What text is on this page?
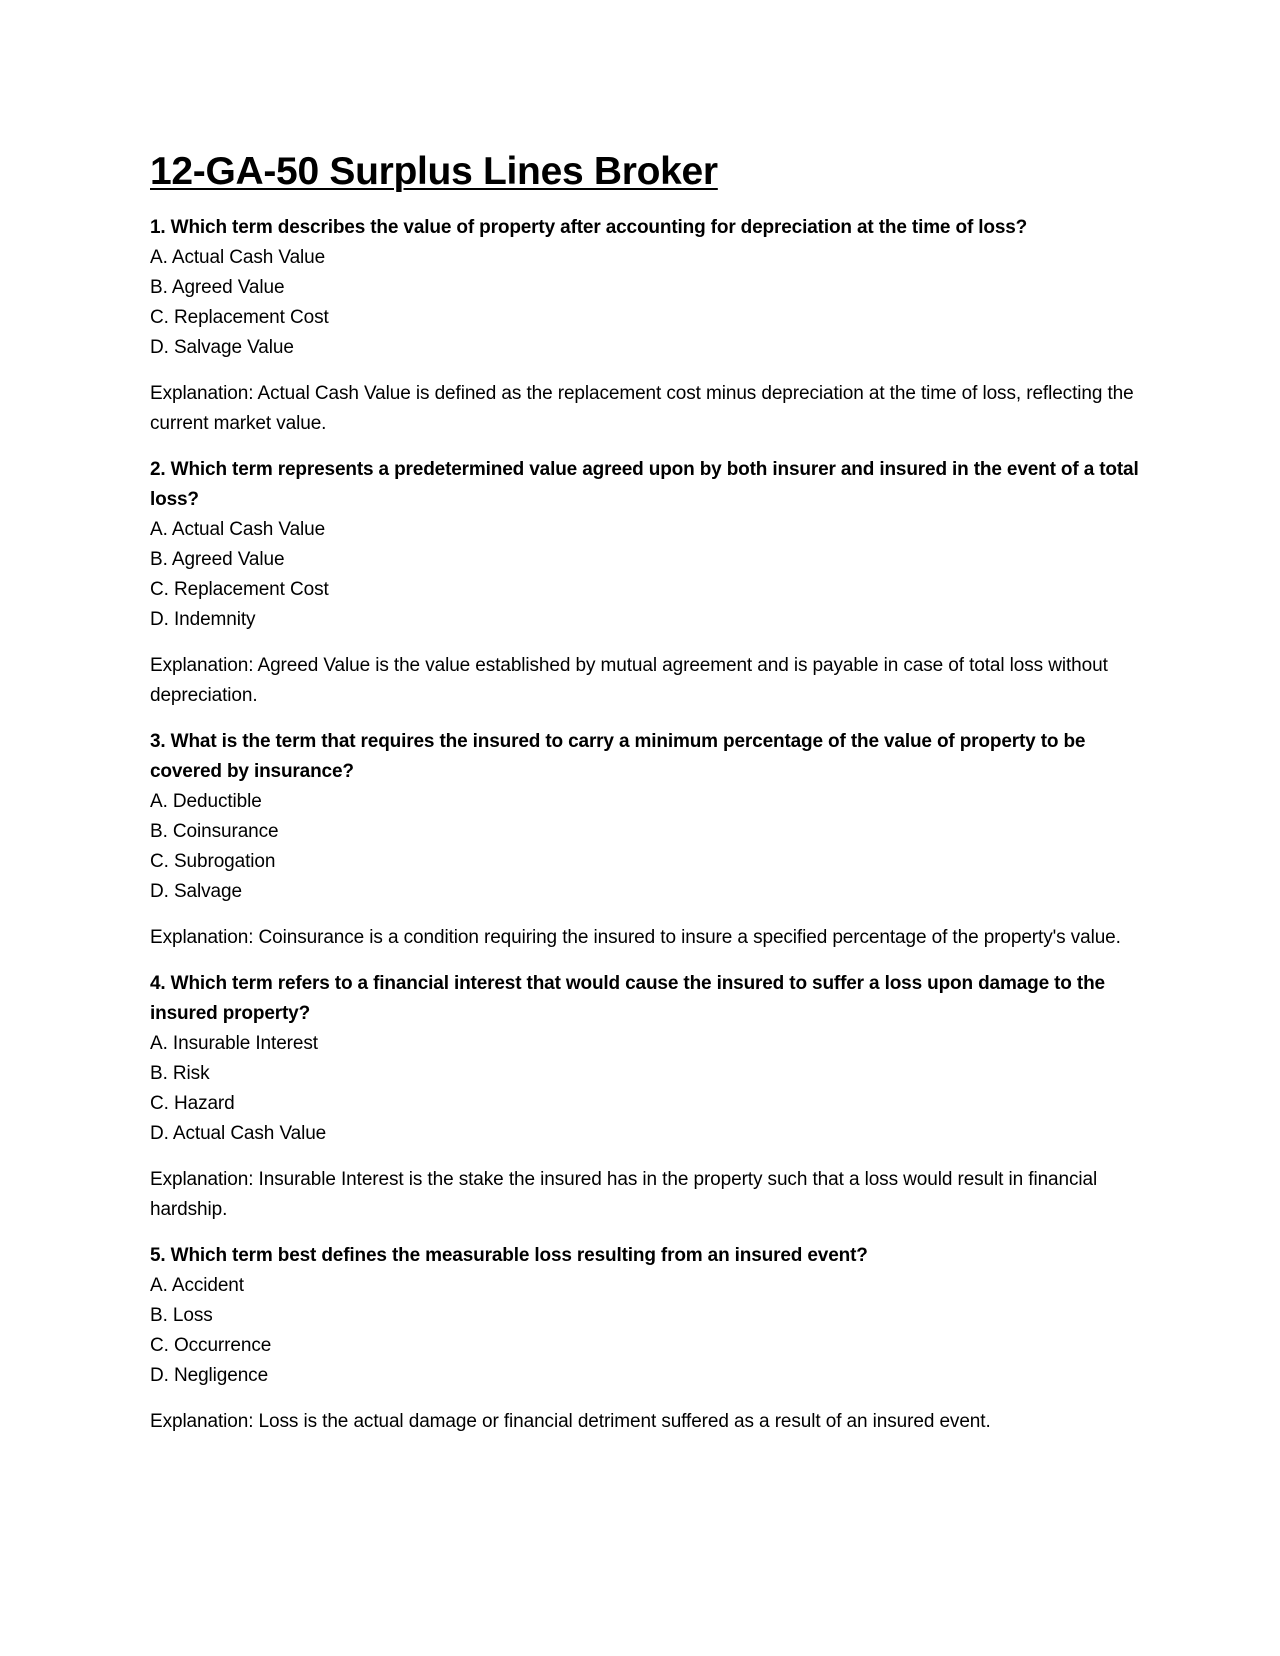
12-GA-50 Surplus Lines Broker

1. Which term describes the value of property after accounting for depreciation at the time of loss?

A. Actual Cash Value
B. Agreed Value
C. Replacement Cost
D. Salvage Value

Explanation: Actual Cash Value is defined as the replacement cost minus depreciation at the time of loss, reflecting the current market value.

2. Which term represents a predetermined value agreed upon by both insurer and insured in the event of a total loss?

A. Actual Cash Value
B. Agreed Value
C. Replacement Cost
D. Indemnity

Explanation: Agreed Value is the value established by mutual agreement and is payable in case of total loss without depreciation.

3. What is the term that requires the insured to carry a minimum percentage of the value of property to be covered by insurance?

A. Deductible
B. Coinsurance
C. Subrogation
D. Salvage

Explanation: Coinsurance is a condition requiring the insured to insure a specified percentage of the property's value.

4. Which term refers to a financial interest that would cause the insured to suffer a loss upon damage to the insured property?

A. Insurable Interest
B. Risk
C. Hazard
D. Actual Cash Value

Explanation: Insurable Interest is the stake the insured has in the property such that a loss would result in financial hardship.

5. Which term best defines the measurable loss resulting from an insured event?

A. Accident
B. Loss
C. Occurrence
D. Negligence

Explanation: Loss is the actual damage or financial detriment suffered as a result of an insured event.
